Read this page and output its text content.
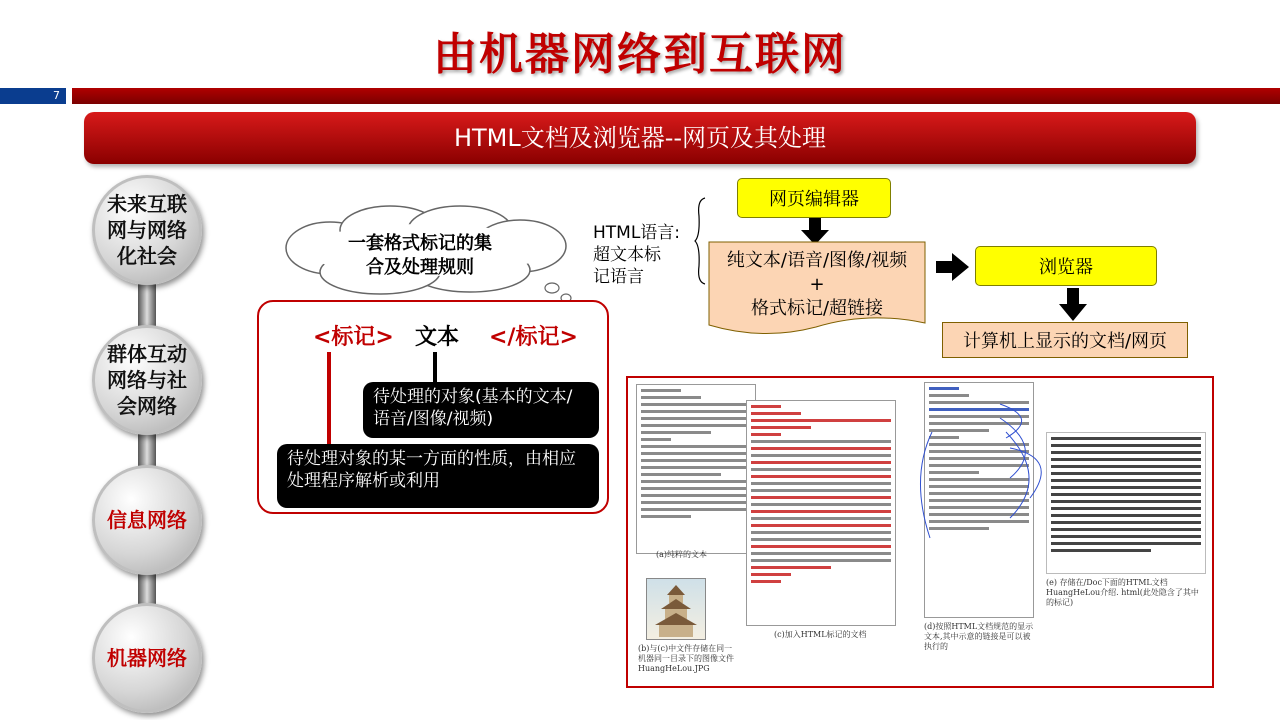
由机器网络到互联网
7
HTML文档及浏览器--网页及其处理
未来互联
网与网络
化社会
群体互动
网络与社
会网络
信息网络
机器网络
一套格式标记的集
合及处理规则
HTML语言:
超文本标
记语言
<标记> 文本 </标记>
待处理的对象(基本的文本/语音/图像/视频)
待处理对象的某一方面的性质，由相应处理程序解析或利用
网页编辑器
纯文本/语音/图像/视频
+
格式标记/超链接
浏览器
计算机上显示的文档/网页
(a)纯粹的文本
(b)与(c)中文件存储在同一机器同一目录下的图像文件HuangHeLou.JPG
(c)加入HTML标记的文档
(d)按照HTML文档规范的显示文本,其中示意的链接是可以被执行的
(e) 存储在/Doc下面的HTML文档HuangHeLou介绍. html(此处隐含了其中的标记)
